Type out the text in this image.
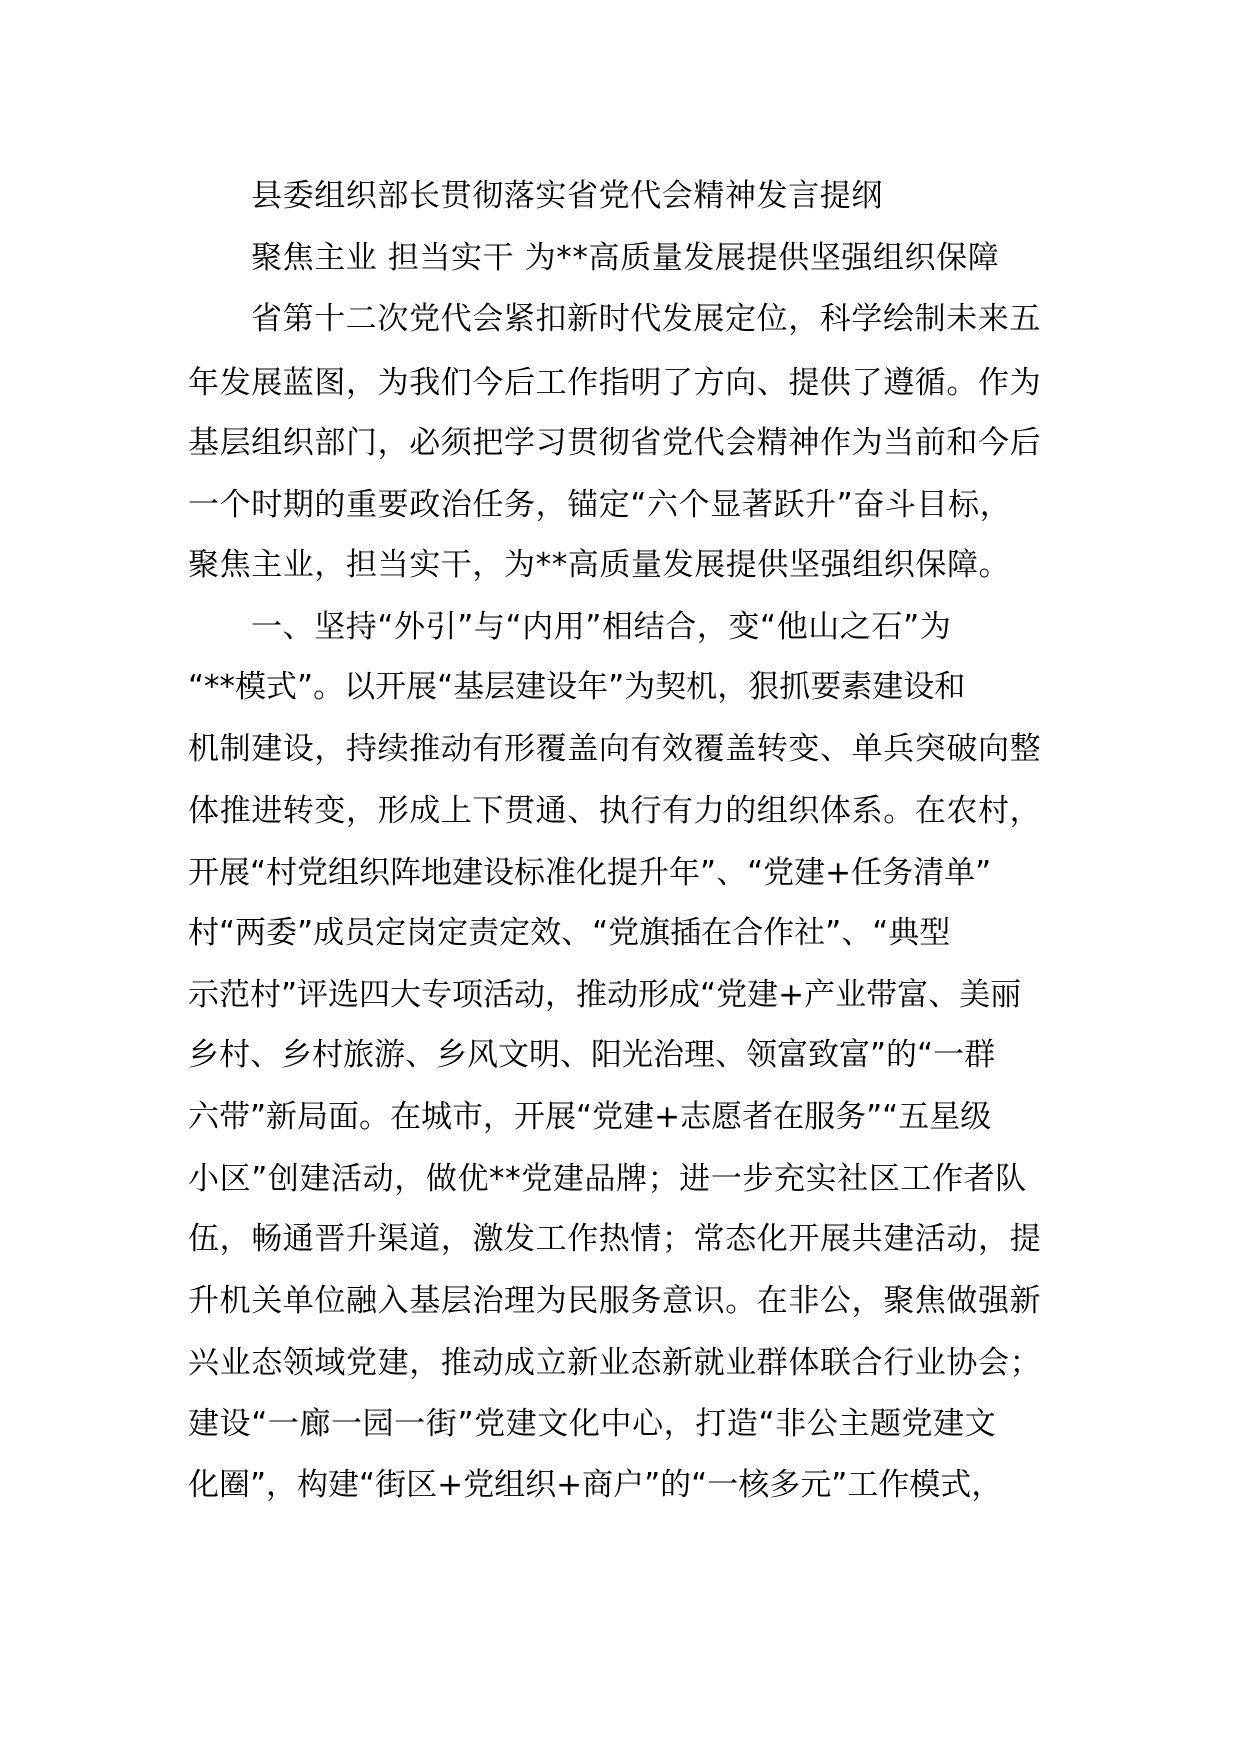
县委组织部长贯彻落实省党代会精神发言提纲
聚焦主业 担当实干 为**高质量发展提供坚强组织保障
省第十二次党代会紧扣新时代发展定位，科学绘制未来五
年发展蓝图，为我们今后工作指明了方向、提供了遵循。作为
基层组织部门，必须把学习贯彻省党代会精神作为当前和今后
一个时期的重要政治任务，锚定“六个显著跃升”奋斗目标，
聚焦主业，担当实干，为**高质量发展提供坚强组织保障。
一、坚持“外引”与“内用”相结合，变“他山之石”为
“**模式”。以开展“基层建设年”为契机，狠抓要素建设和
机制建设，持续推动有形覆盖向有效覆盖转变、单兵突破向整
体推进转变，形成上下贯通、执行有力的组织体系。在农村，
开展“村党组织阵地建设标准化提升年”、“党建+任务清单”
村“两委”成员定岗定责定效、“党旗插在合作社”、“典型
示范村”评选四大专项活动，推动形成“党建+产业带富、美丽
乡村、乡村旅游、乡风文明、阳光治理、领富致富”的“一群
六带”新局面。在城市，开展“党建+志愿者在服务”“五星级
小区”创建活动，做优**党建品牌；进一步充实社区工作者队
伍，畅通晋升渠道，激发工作热情；常态化开展共建活动，提
升机关单位融入基层治理为民服务意识。在非公，聚焦做强新
兴业态领域党建，推动成立新业态新就业群体联合行业协会；
建设“一廊一园一街”党建文化中心，打造“非公主题党建文
化圈”，构建“街区+党组织+商户”的“一核多元”工作模式，
